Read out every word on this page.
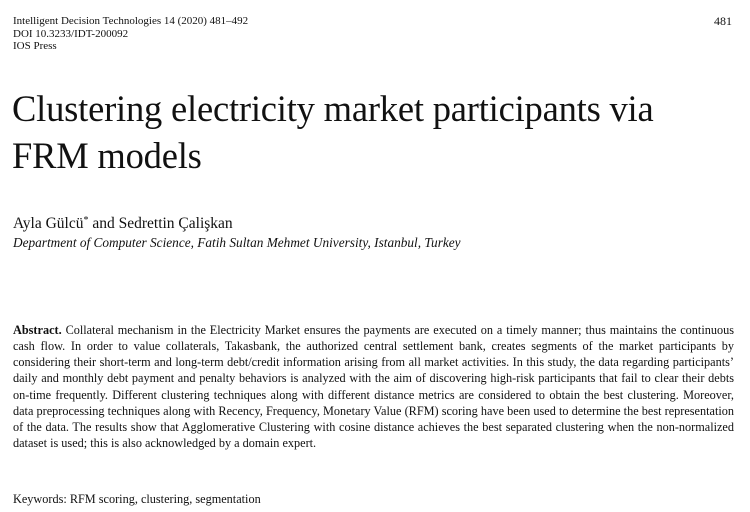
Intelligent Decision Technologies 14 (2020) 481–492
DOI 10.3233/IDT-200092
IOS Press
481
Clustering electricity market participants via FRM models
Ayla Gülcü* and Sedrettin Çalişkan
Department of Computer Science, Fatih Sultan Mehmet University, Istanbul, Turkey

Abstract. Collateral mechanism in the Electricity Market ensures the payments are executed on a timely manner; thus maintains the continuous cash flow. In order to value collaterals, Takasbank, the authorized central settlement bank, creates segments of the market participants by considering their short-term and long-term debt/credit information arising from all market activities. In this study, the data regarding participants’ daily and monthly debt payment and penalty behaviors is analyzed with the aim of discovering high-risk participants that fail to clear their debts on-time frequently. Different clustering techniques along with different distance metrics are considered to obtain the best clustering. Moreover, data preprocessing techniques along with Recency, Frequency, Monetary Value (RFM) scoring have been used to determine the best representation of the data. The results show that Agglomerative Clustering with cosine distance achieves the best separated clustering when the non-normalized dataset is used; this is also acknowledged by a domain expert.

Keywords: RFM scoring, clustering, segmentation
